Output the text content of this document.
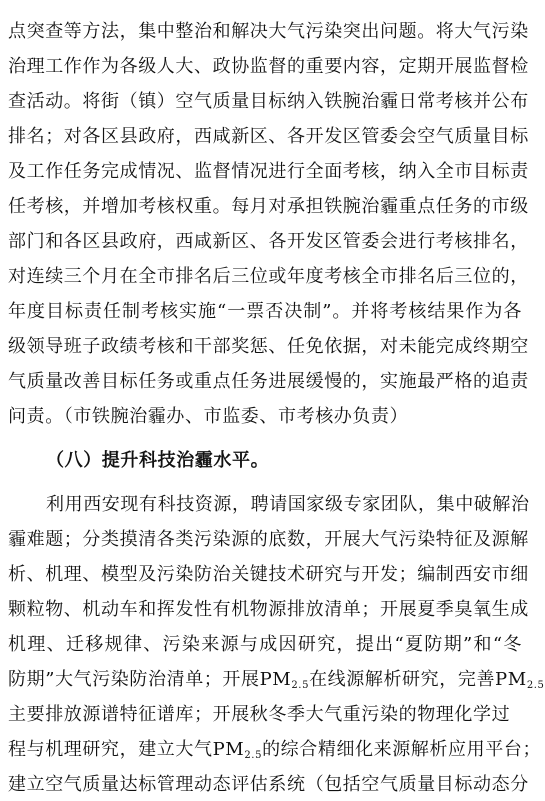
点突查等方法，集中整治和解决大气污染突出问题。将大气污染
治理工作作为各级人大、政协监督的重要内容，定期开展监督检
查活动。将街（镇）空气质量目标纳入铁腕治霾日常考核并公布
排名；对各区县政府，西咸新区、各开发区管委会空气质量目标
及工作任务完成情况、监督情况进行全面考核，纳入全市目标责
任考核，并增加考核权重。每月对承担铁腕治霾重点任务的市级
部门和各区县政府，西咸新区、各开发区管委会进行考核排名，
对连续三个月在全市排名后三位或年度考核全市排名后三位的，
年度目标责任制考核实施“一票否决制”。并将考核结果作为各
级领导班子政绩考核和干部奖惩、任免依据，对未能完成终期空
气质量改善目标任务或重点任务进展缓慢的，实施最严格的追责
问责。（市铁腕治霾办、市监委、市考核办负责）
（八）提升科技治霾水平。
利用西安现有科技资源，聘请国家级专家团队，集中破解治
霾难题；分类摸清各类污染源的底数，开展大气污染特征及源解
析、机理、模型及污染防治关键技术研究与开发；编制西安市细
颗粒物、机动车和挥发性有机物源排放清单；开展夏季臭氧生成
机理、迁移规律、污染来源与成因研究，提出“夏防期”和“冬
防期”大气污染防治清单；开展$PM_{2.5}$在线源解析研究，完善$PM_{2.5}$
主要排放源谱特征谱库；开展秋冬季大气重污染的物理化学过
程与机理研究，建立大气$PM_{2.5}$的综合精细化来源解析应用平台；
建立空气质量达标管理动态评估系统（包括空气质量目标动态分
